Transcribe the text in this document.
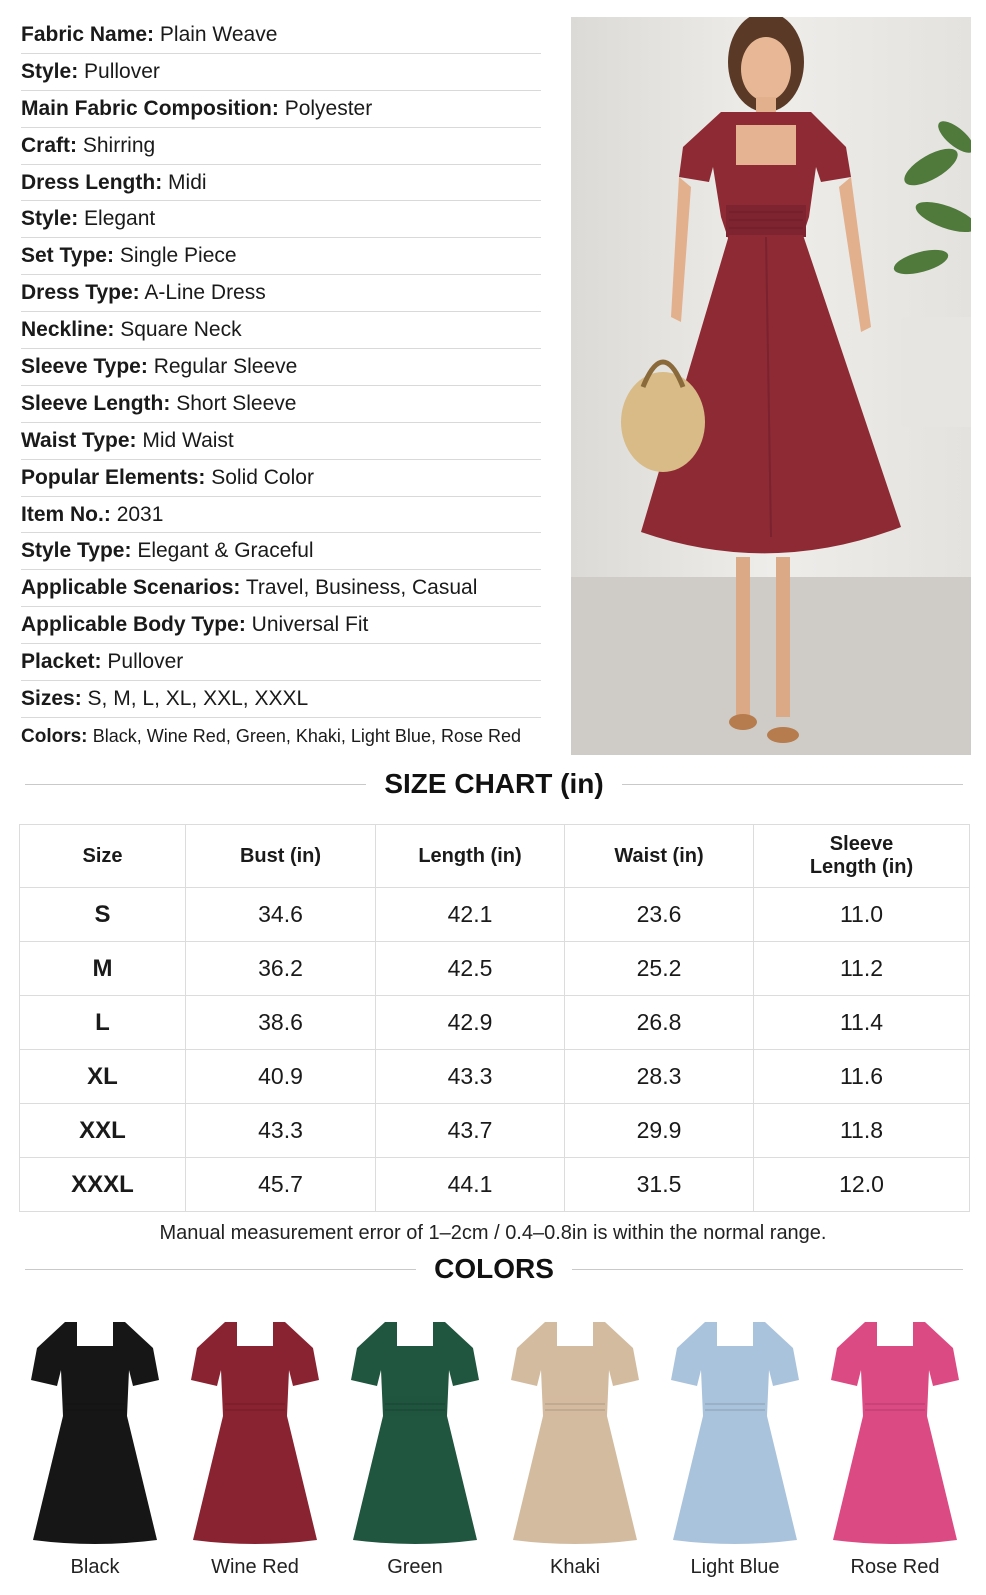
Fabric Name: Plain Weave
Style: Pullover
Main Fabric Composition: Polyester
Craft: Shirring
Dress Length: Midi
Style: Elegant
Set Type: Single Piece
Dress Type: A-Line Dress
Neckline: Square Neck
Sleeve Type: Regular Sleeve
Sleeve Length: Short Sleeve
Waist Type: Mid Waist
Popular Elements: Solid Color
Item No.: 2031
Style Type: Elegant & Graceful
Applicable Scenarios: Travel, Business, Casual
Applicable Body Type: Universal Fit
Placket: Pullover
Sizes: S, M, L, XL, XXL, XXXL
Colors: Black, Wine Red, Green, Khaki, Light Blue, Rose Red
SIZE CHART (in)
Size	Bust (in)	Length (in)	Waist (in)	Sleeve Length (in)
S	34.6	42.1	23.6	11.0
M	36.2	42.5	25.2	11.2
L	38.6	42.9	26.8	11.4
XL	40.9	43.3	28.3	11.6
XXL	43.3	43.7	29.9	11.8
XXXL	45.7	44.1	31.5	12.0
Manual measurement error of 1–2cm / 0.4–0.8in is within the normal range.
COLORS
Black	Wine Red	Green	Khaki	Light Blue	Rose Red
